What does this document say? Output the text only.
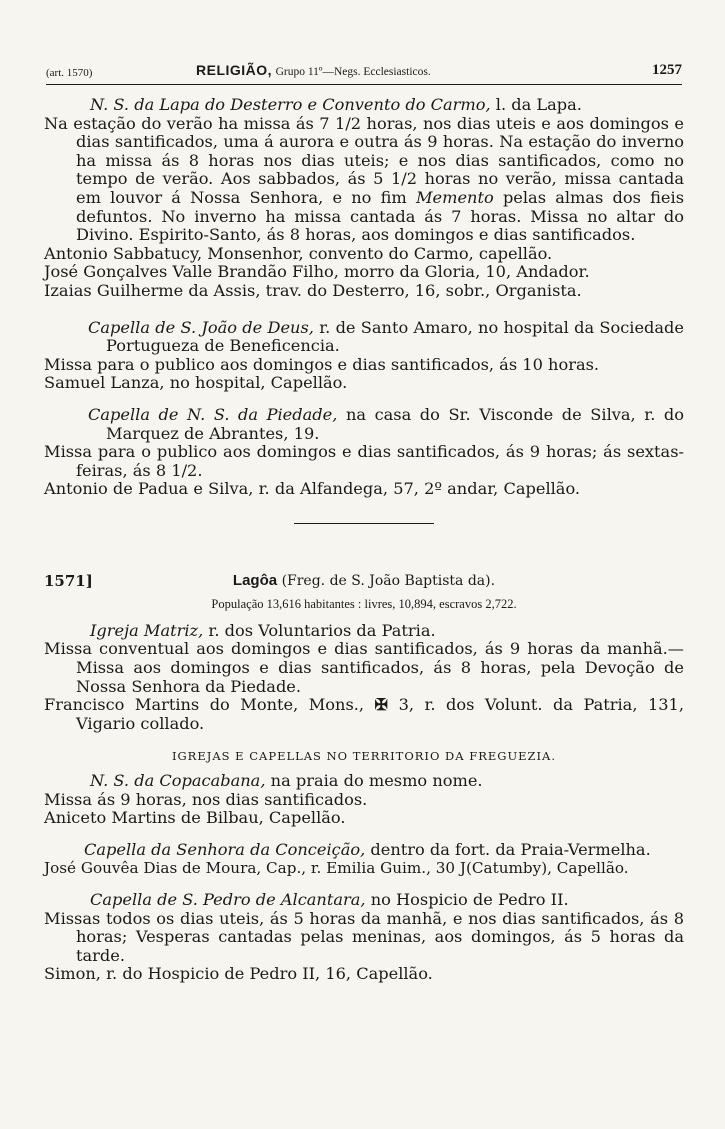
(art. 1570)	RELIGIÃO, Grupo 11º—Negs. Ecclesiasticos.	1257

N. S. da Lapa do Desterro e Convento do Carmo, l. da Lapa.

Na estação do verão ha missa ás 7 1/2 horas, nos dias uteis e aos domingos e dias santificados, uma á aurora e outra ás 9 horas. Na estação do inverno ha missa ás 8 horas nos dias uteis; e nos dias santificados, como no tempo de verão. Aos sabbados, ás 5 1/2 horas no verão, missa cantada em louvor á Nossa Senhora, e no fim Memento pelas almas dos fieis defuntos. No inverno ha missa cantada ás 7 horas. Missa no altar do Divino. Espirito-Santo, ás 8 horas, aos domingos e dias santificados.

Antonio Sabbatucy, Monsenhor, convento do Carmo, capellão.

José Gonçalves Valle Brandão Filho, morro da Gloria, 10, Andador.

Izaias Guilherme da Assis, trav. do Desterro, 16, sobr., Organista.

Capella de S. João de Deus, r. de Santo Amaro, no hospital da Sociedade Portugueza de Beneficencia.

Missa para o publico aos domingos e dias santificados, ás 10 horas.

Samuel Lanza, no hospital, Capellão.

Capella de N. S. da Piedade, na casa do Sr. Visconde de Silva, r. do Marquez de Abrantes, 19.

Missa para o publico aos domingos e dias santificados, ás 9 horas; ás sextas-feiras, ás 8 1/2.

Antonio de Padua e Silva, r. da Alfandega, 57, 2º andar, Capellão.

1571]	Lagôa (Freg. de S. João Baptista da).
População 13,616 habitantes : livres, 10,894, escravos 2,722.

Igreja Matriz, r. dos Voluntarios da Patria.

Missa conventual aos domingos e dias santificados, ás 9 horas da manhã.—Missa aos domingos e dias santificados, ás 8 horas, pela Devoção de Nossa Senhora da Piedade.

Francisco Martins do Monte, Mons., ✠ 3, r. dos Volunt. da Patria, 131, Vigario collado.

IGREJAS E CAPELLAS NO TERRITORIO DA FREGUEZIA.

N. S. da Copacabana, na praia do mesmo nome.

Missa ás 9 horas, nos dias santificados.

Aniceto Martins de Bilbau, Capellão.

Capella da Senhora da Conceição, dentro da fort. da Praia-Vermelha.

José Gouvêa Dias de Moura, Cap., r. Emilia Guim., 30 J(Catumby), Capellão.

Capella de S. Pedro de Alcantara, no Hospicio de Pedro II.

Missas todos os dias uteis, ás 5 horas da manhã, e nos dias santificados, ás 8 horas; Vesperas cantadas pelas meninas, aos domingos, ás 5 horas da tarde.

Simon, r. do Hospicio de Pedro II, 16, Capellão.
